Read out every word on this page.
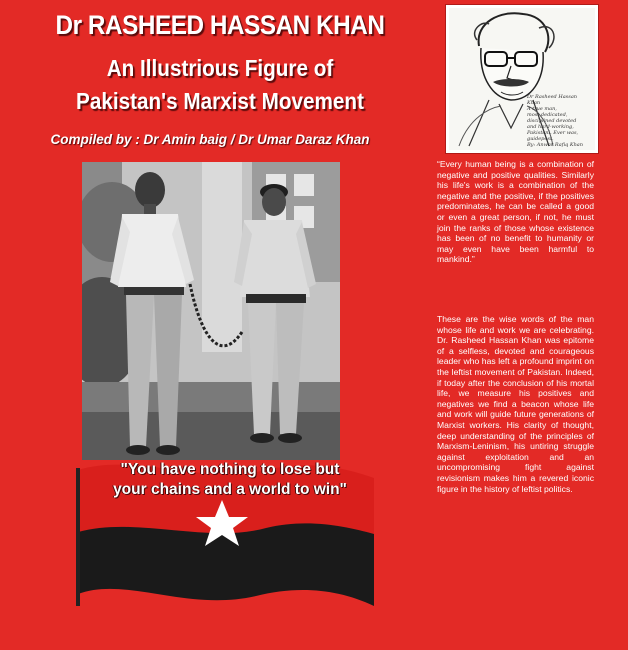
Dr RASHEED HASSAN KHAN
An Illustrious Figure of
Pakistan's Marxist Movement
Compiled by : Dr Amin baig / Dr Umar Daraz Khan

Dr Rasheed Hassan Khan

A true man,

most dedicated,

disciplined devoted

and hard-working,

Pakistani. Ever was,

guidepost.

By: Anwar Rafiq Khan

“Every human being is a combination of negative and positive qualities. Similarly his life's work is a combination of the negative and the positive, if the positives predominates, he can be called a good or even a great person, if not, he must join the ranks of those whose existence has been of no benefit to humanity or may even have been harmful to mankind.”
These are the wise words of the man whose life and work we are celebrating. Dr. Rasheed Hassan Khan was epitome of a selfless, devoted and courageous leader who has left a profound imprint on the leftist movement of Pakistan. Indeed, if today after the conclusion of his mortal life, we measure his positives and negatives we find a beacon whose life and work will guide future generations of Marxist workers. His clarity of thought, deep understanding of the principles of Marxism-Leninism, his untiring struggle against exploitation and an uncompromising fight against revisionism makes him a revered iconic figure in the history of leftist politics.
"You have nothing to lose but
your chains and a world to win"
